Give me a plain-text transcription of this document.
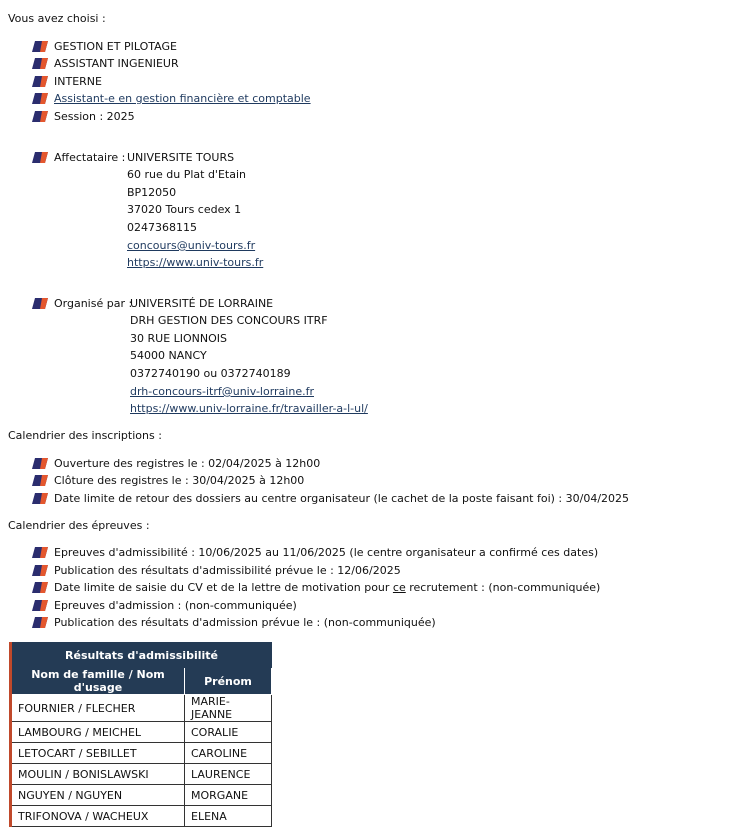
Vous avez choisi :
GESTION ET PILOTAGE
ASSISTANT INGENIEUR
INTERNE
Assistant-e en gestion financière et comptable
Session : 2025
Affectataire : UNIVERSITE TOURS
60 rue du Plat d'Etain
BP12050
37020 Tours cedex 1
0247368115
concours@univ-tours.fr
https://www.univ-tours.fr
Organisé par :
UNIVERSITÉ DE LORRAINE
DRH GESTION DES CONCOURS ITRF
30 RUE LIONNOIS
54000 NANCY
0372740190 ou 0372740189
drh-concours-itrf@univ-lorraine.fr
https://www.univ-lorraine.fr/travailler-a-l-ul/
Calendrier des inscriptions :
Ouverture des registres le : 02/04/2025 à 12h00
Clôture des registres le : 30/04/2025 à 12h00
Date limite de retour des dossiers au centre organisateur (le cachet de la poste faisant foi) : 30/04/2025
Calendrier des épreuves :
Epreuves d'admissibilité : 10/06/2025 au 11/06/2025 (le centre organisateur a confirmé ces dates)
Publication des résultats d'admissibilité prévue le : 12/06/2025
Date limite de saisie du CV et de la lettre de motivation pour ce recrutement : (non-communiquée)
Epreuves d'admission : (non-communiquée)
Publication des résultats d'admission prévue le : (non-communiquée)
Résultats d'admissibilité	
Nom de famille / Nom d'usage	Prénom
FOURNIER / FLECHER	MARIE-JEANNE
LAMBOURG / MEICHEL	CORALIE
LETOCART / SEBILLET	CAROLINE
MOULIN / BONISLAWSKI	LAURENCE
NGUYEN / NGUYEN	MORGANE
TRIFONOVA / WACHEUX	ELENA
